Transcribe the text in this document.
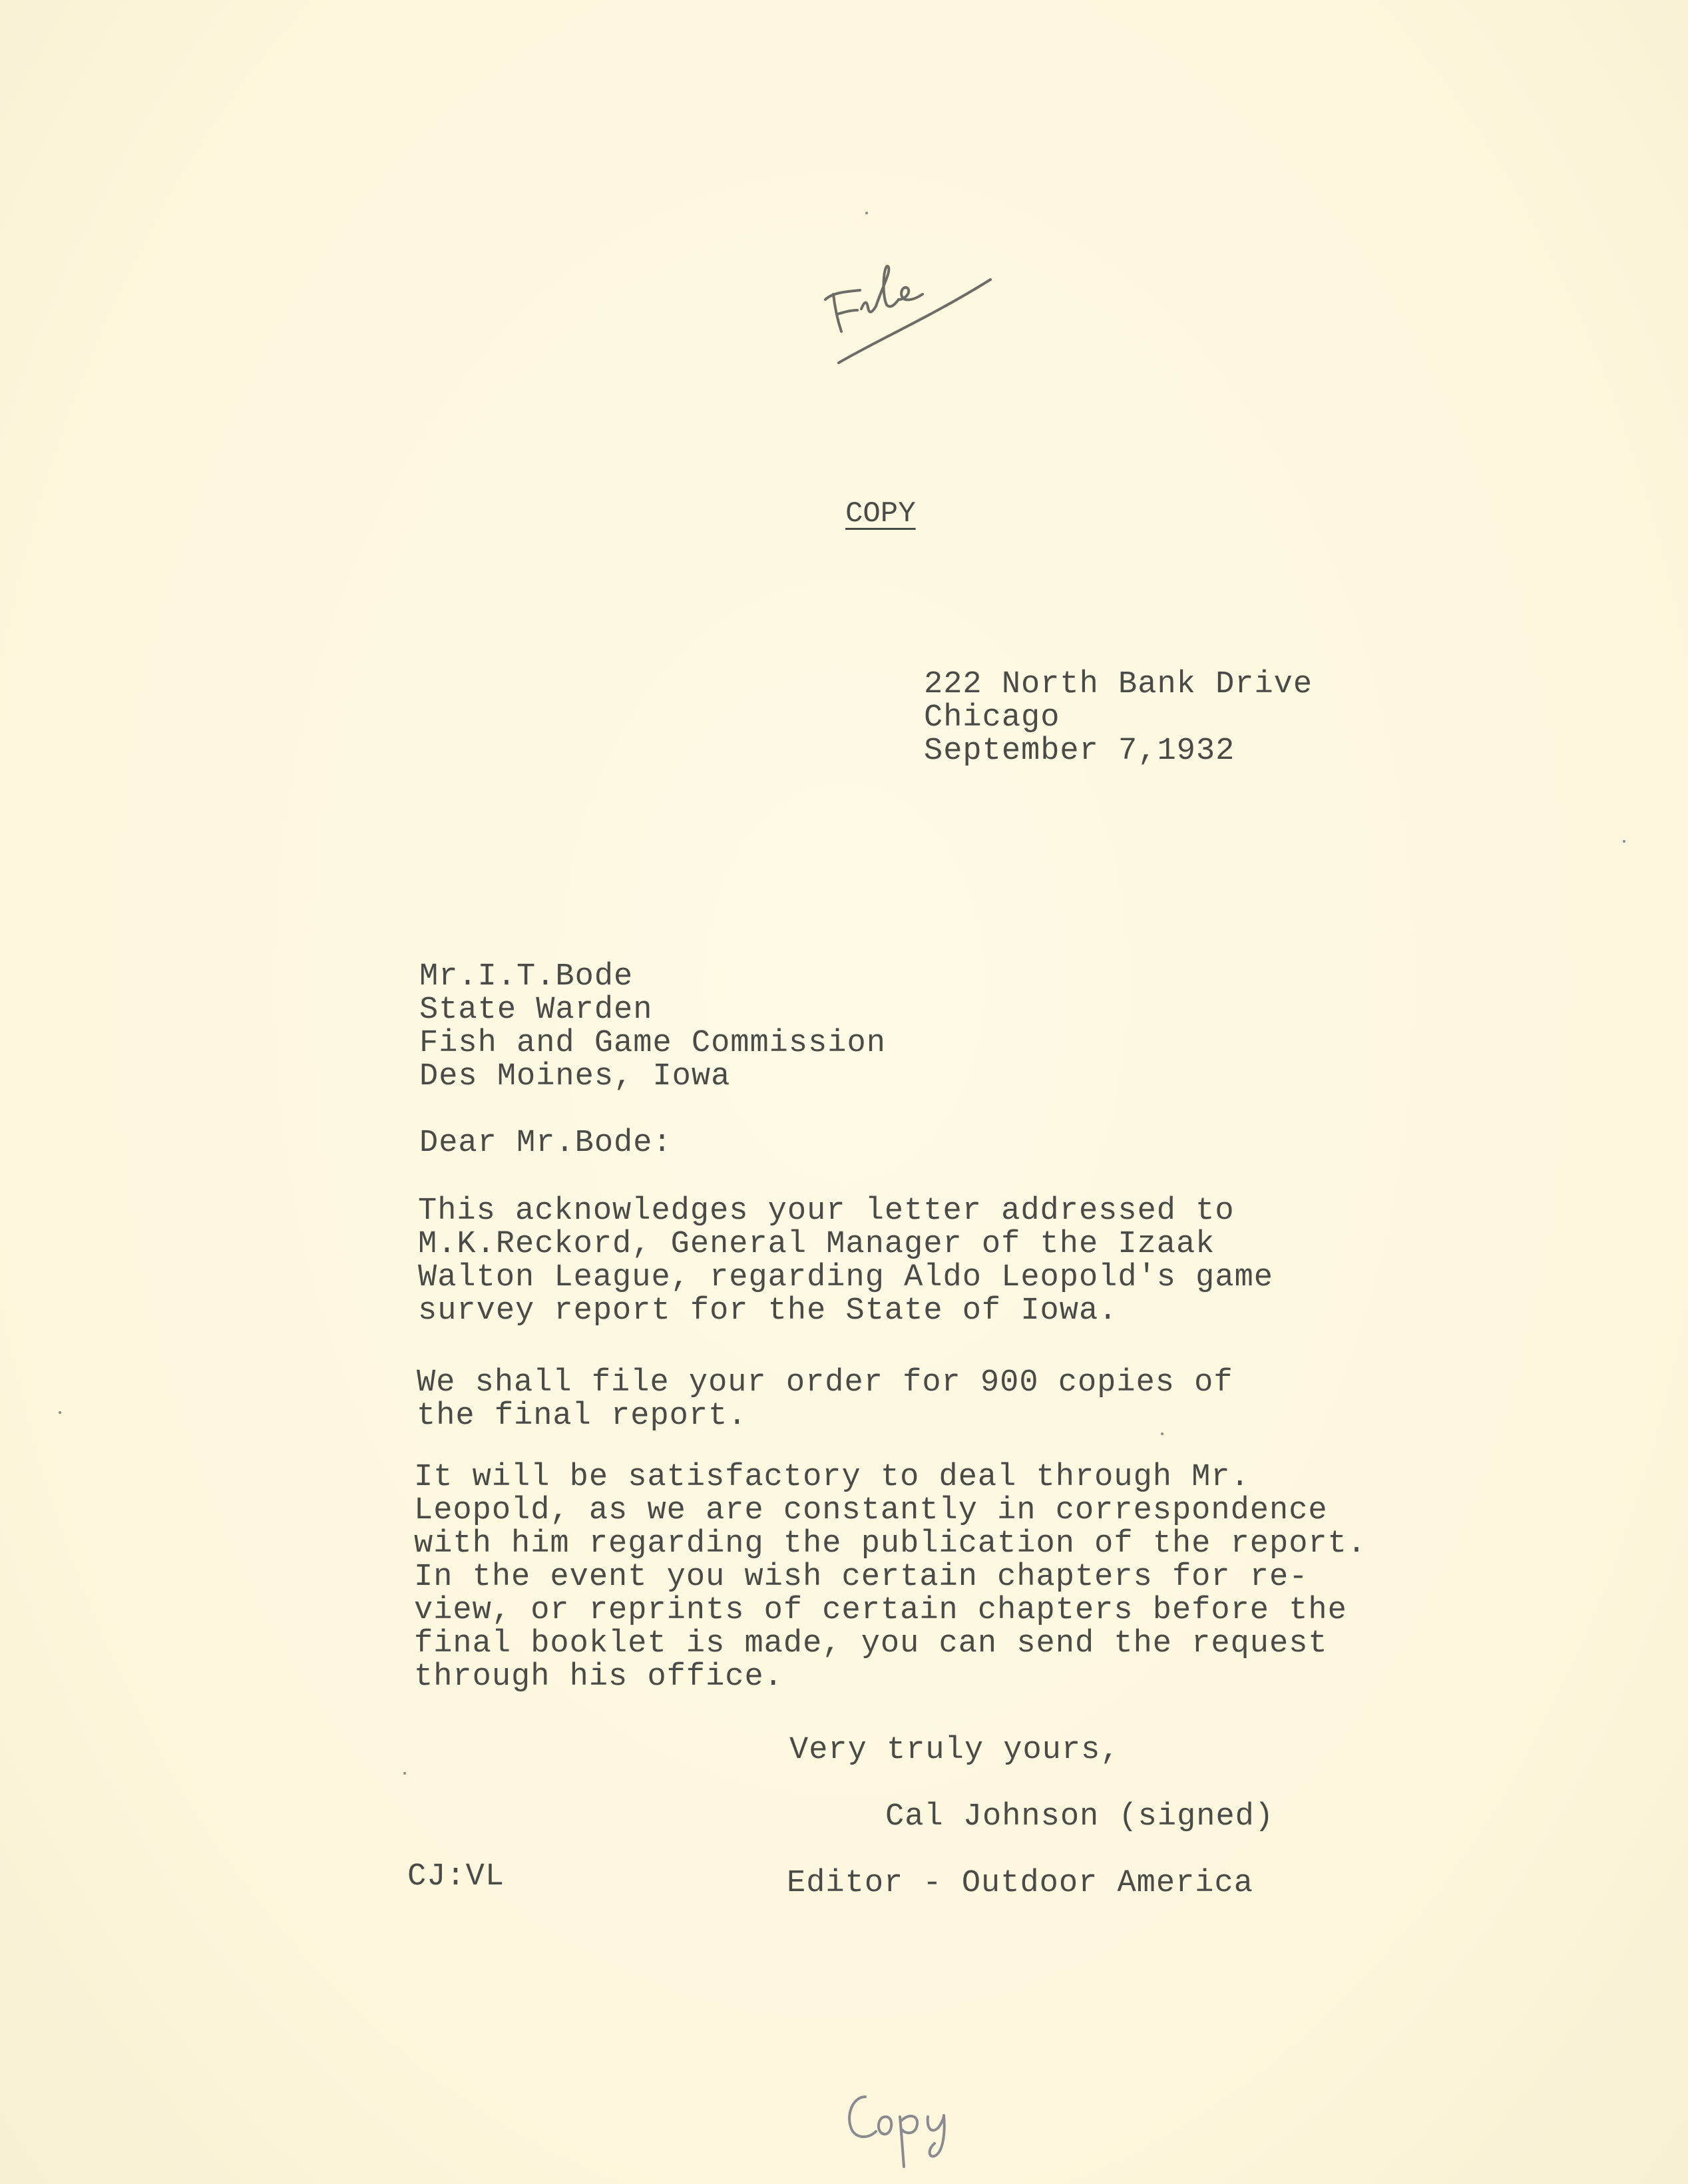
COPY
222 North Bank Drive
Chicago
September 7,1932
Mr.I.T.Bode
State Warden
Fish and Game Commission
Des Moines, Iowa
Dear Mr.Bode:
This acknowledges your letter addressed to
M.K.Reckord, General Manager of the Izaak
Walton League, regarding Aldo Leopold's game
survey report for the State of Iowa.
We shall file your order for 900 copies of
the final report.
It will be satisfactory to deal through Mr.
Leopold, as we are constantly in correspondence
with him regarding the publication of the report.
In the event you wish certain chapters for re-
view, or reprints of certain chapters before the
final booklet is made, you can send the request
through his office.
Very truly yours,
Cal Johnson (signed)
CJ:VL	Editor - Outdoor America
